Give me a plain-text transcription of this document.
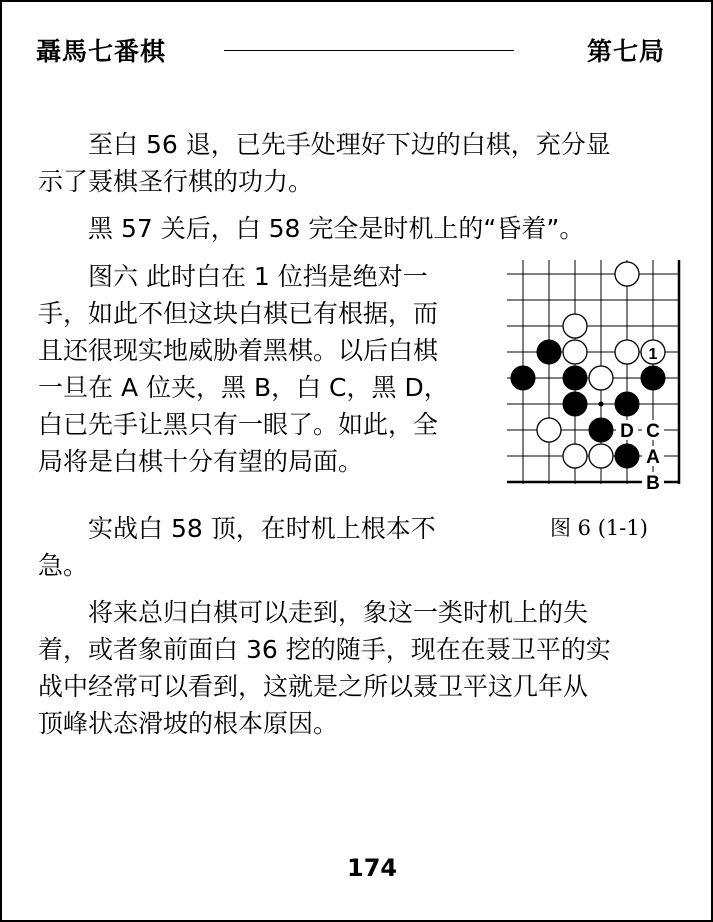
聶馬七番棋	第七局

　　至白 56 退，已先手处理好下边的白棋，充分显
示了聂棋圣行棋的功力。

　　黑 57 关后，白 58 完全是时机上的“昏着”。

　　图六 此时白在 1 位挡是绝对一
手，如此不但这块白棋已有根据，而
且还很现实地威胁着黑棋。以后白棋
一旦在 A 位夹，黑 B，白 C，黑 D，
白已先手让黑只有一眼了。如此，全
局将是白棋十分有望的局面。

　　实战白 58 顶，在时机上根本不
急。

　　将来总归白棋可以走到，象这一类时机上的失
着，或者象前面白 36 挖的随手，现在在聂卫平的实
战中经常可以看到，这就是之所以聂卫平这几年从
顶峰状态滑坡的根本原因。

1
D C
A
B
图 6 (1-1)
174
